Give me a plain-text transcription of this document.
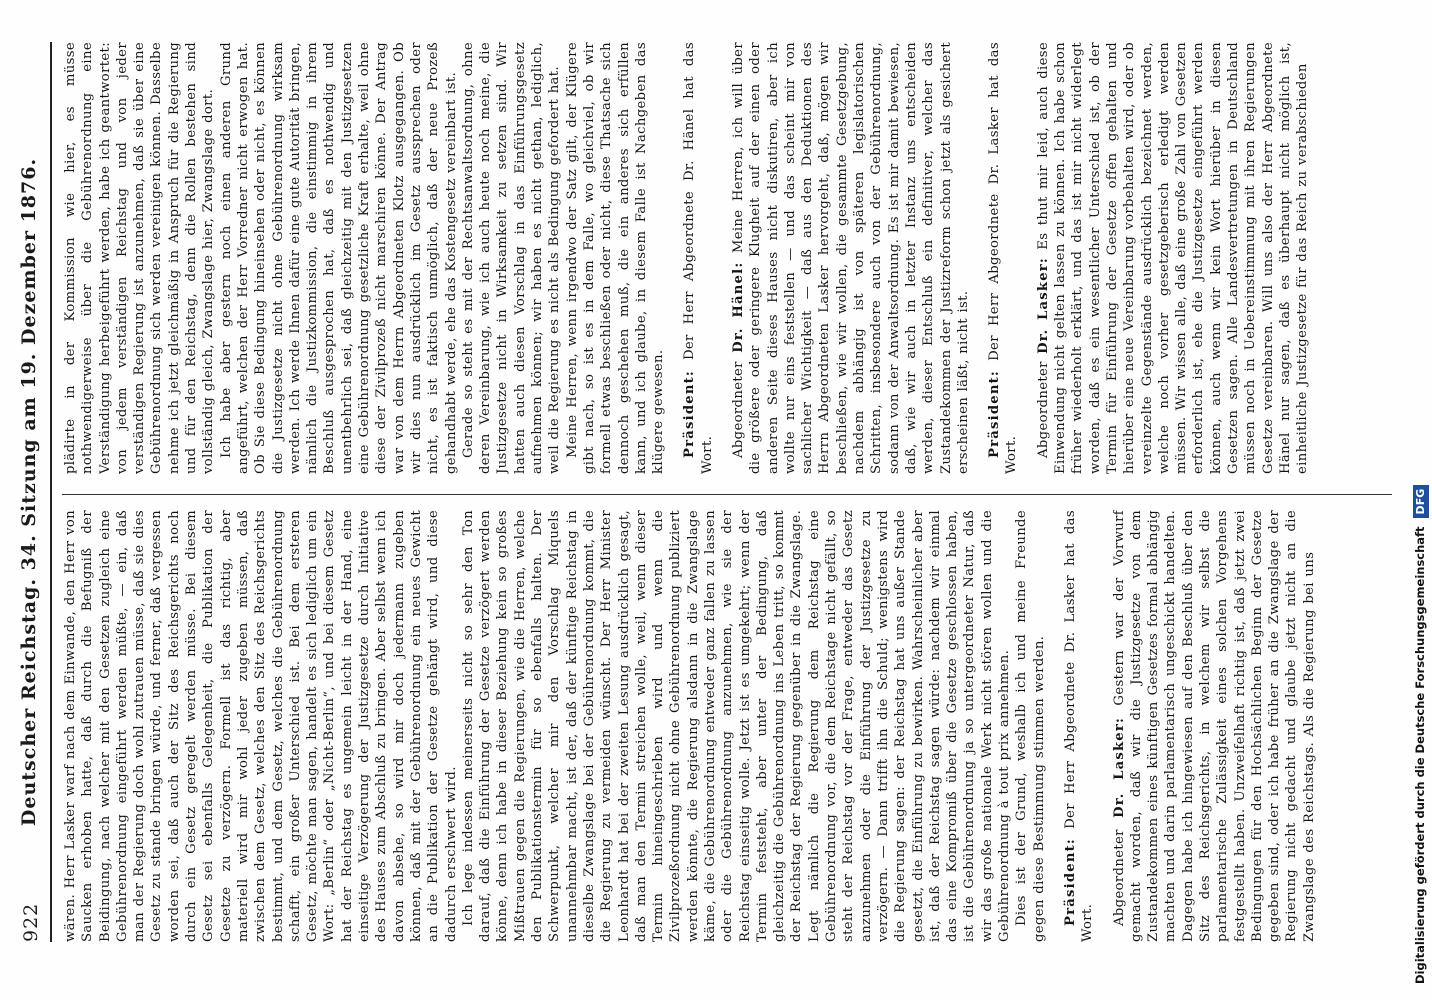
922
Deutscher Reichstag. 34. Sitzung am 19. Dezember 1876. wären. Herr Lasker warf nach dem Einwande, den Herr von Saucken erhoben hatte, daß durch die Befugniß der Beidingung, nach welcher mit den Gesetzen zugleich eine Gebührenordnung eingeführt werden müßte, — ein, daß man der Regierung doch wohl zutrauen müsse, daß sie dies Gesetz zu stande bringen würde, und ferner, daß vergessen worden sei, daß auch der Sitz des Reichsgerichts noch durch ein Gesetz geregelt werden müsse. Bei diesem Gesetz sei ebenfalls Gelegenheit, die Publikation der Gesetze zu verzögern. Formell ist das richtig, aber materiell wird mir wohl jeder zugeben müssen, daß zwischen dem Gesetz, welches den Sitz des Reichsgerichts bestimmt, und dem Gesetz, welches die Gebührenordnung schafft, ein großer Unterschied ist. Bei dem ersteren Gesetz, möchte man sagen, handelt es sich lediglich um ein Wort: „Berlin“ oder „Nicht-Berlin“, und bei diesem Gesetz hat der Reichstag es ungemein leicht in der Hand, eine einseitige Verzögerung der Justizgesetze durch Initiative des Hauses zum Abschluß zu bringen. Aber selbst wenn ich davon absehe, so wird mir doch jedermann zugeben können, daß mit der Gebührenordnung ein neues Gewicht an die Publikation der Gesetze gehängt wird, und diese dadurch erschwert wird. Ich lege indessen meinerseits nicht so sehr den Ton darauf, daß die Einführung der Gesetze verzögert werden könne, denn ich habe in dieser Beziehung kein so großes Mißtrauen gegen die Regierungen, wie die Herren, welche den Publikationstermin für so ebenfalls halten. Der Schwerpunkt, welcher mir den Vorschlag Miquels unannehmbar macht, ist der, daß der künftige Reichstag in dieselbe Zwangslage bei der Gebührenordnung kommt, die die Regierung zu vermeiden wünscht. Der Herr Minister Leonhardt hat bei der zweiten Lesung ausdrücklich gesagt, daß man den Termin streichen wolle, weil, wenn dieser Termin hineingeschrieben wird und wenn die Zivilprozeßordnung nicht ohne Gebührenordnung publiziert werden könnte, die Regierung alsdann in die Zwangslage käme, die Gebührenordnung entweder ganz fallen zu lassen oder die Gebührenordnung anzunehmen, wie sie der Reichstag einseitig wolle. Jetzt ist es umgekehrt; wenn der Termin feststeht, aber unter der Bedingung, daß gleichzeitig die Gebührenordnung ins Leben tritt, so kommt der Reichstag der Regierung gegenüber in die Zwangslage. Legt nämlich die Regierung dem Reichstag eine Gebührenordnung vor, die dem Reichstage nicht gefällt, so steht der Reichstag vor der Frage, entweder das Gesetz anzunehmen oder die Einführung der Justizgesetze zu verzögern. — Dann trifft ihn die Schuld; wenigstens wird die Regierung sagen: der Reichstag hat uns außer Stande gesetzt, die Einführung zu bewirken. Wahrscheinlicher aber ist, daß der Reichstag sagen würde: nachdem wir einmal das eine Kompromiß über die Gesetze geschlossen haben, ist die Gebührenordnung ja so untergeordneter Natur, daß wir das große nationale Werk nicht stören wollen und die Gebührenordnung à tout prix annehmen. Dies ist der Grund, weshalb ich und meine Freunde gegen diese Bestimmung stimmen werden. Präsident: Der Herr Abgeordnete Dr. Lasker hat das Wort. Abgeordneter Dr. Lasker: Gestern war der Vorwurf gemacht worden, daß wir die Justizgesetze von dem Zustandekommen eines künftigen Gesetzes formal abhängig machten und darin parlamentarisch ungeschickt handelten. Dagegen habe ich hingewiesen auf den Beschluß über den Sitz des Reichsgerichts, in welchem wir selbst die parlamentarische Zulässigkeit eines solchen Vorgehens festgestellt haben. Unzweifelhaft richtig ist, daß jetzt zwei Bedingungen für den Hochsächlichen Beginn der Gesetze gegeben sind, oder ich habe früher an die Zwangslage der Regierung nicht gedacht und glaube jetzt nicht an die Zwangslage des Reichstags. Als die Regierung bei uns

plädirte in der Kommission wie hier, es müsse nothwendigerweise über die Gebührenordnung eine Verständigung herbeigeführt werden, habe ich geantwortet: von jedem verständigen Reichstag und von jeder verständigen Regierung ist anzunehmen, daß sie über eine Gebührenordnung sich werden vereinigen können. Dasselbe nehme ich jetzt gleichmäßig in Anspruch für die Regierung und für den Reichstag, denn die Rollen bestehen sind vollständig gleich, Zwangslage hier, Zwangslage dort. Ich habe aber gestern noch einen anderen Grund angeführt, welchen der Herr Vorredner nicht erwogen hat. Ob Sie diese Bedingung hineinsehen oder nicht, es können die Justizgesetze nicht ohne Gebührenordnung wirksam werden. Ich werde Ihnen dafür eine gute Autorität bringen, nämlich die Justizkommission, die einstimmig in ihrem Beschluß ausgesprochen hat, daß es nothwendig und unentbehrlich sei, daß gleichzeitig mit den Justizgesetzen eine Gebührenordnung gesetzliche Kraft erhalte, weil ohne diese der Zivilprozeß nicht marschiren könne. Der Antrag war von dem Herrn Abgeordneten Klotz ausgegangen. Ob wir dies nun ausdrücklich im Gesetz aussprechen oder nicht, es ist faktisch unmöglich, daß der neue Prozeß gehandhabt werde, ehe das Kostengesetz vereinbart ist. Gerade so steht es mit der Rechtsanwaltsordnung, ohne deren Vereinbarung, wie ich auch heute noch meine, die Justizgesetze nicht in Wirksamkeit zu setzen sind. Wir hatten auch diesen Vorschlag in das Einführungsgesetz aufnehmen können; wir haben es nicht gethan, lediglich, weil die Regierung es nicht als Bedingung gefordert hat. Meine Herren, wenn irgendwo der Satz gilt, der Klügere gibt nach, so ist es in dem Falle, wo gleichviel, ob wir formell etwas beschließen oder nicht, diese Thatsache sich dennoch geschehen muß, die ein anderes sich erfüllen kann, und ich glaube, in diesem Falle ist Nachgeben das klügere gewesen. Präsident: Der Herr Abgeordnete Dr. Hänel hat das Wort. Abgeordneter Dr. Hänel: Meine Herren, ich will über die größere oder geringere Klugheit auf der einen oder anderen Seite dieses Hauses nicht diskutiren, aber ich wollte nur eins feststellen — und das scheint mir von sachlicher Wichtigkeit — daß aus den Deduktionen des Herrn Abgeordneten Lasker hervorgeht, daß, mögen wir beschließen, wie wir wollen, die gesammte Gesetzgebung, nachdem abhängig ist von späteren legislatorischen Schritten, insbesondere auch von der Gebührenordnung, sodann von der Anwaltsordnung. Es ist mir damit bewiesen, daß, wie wir auch in letzter Instanz uns entscheiden werden, dieser Entschluß ein definitiver, welcher das Zustandekommen der Justizreform schon jetzt als gesichert erscheinen läßt, nicht ist. Präsident: Der Herr Abgeordnete Dr. Lasker hat das Wort. Abgeordneter Dr. Lasker: Es thut mir leid, auch diese Einwendung nicht gelten lassen zu können. Ich habe schon früher wiederholt erklärt, und das ist mir nicht widerlegt worden, daß es ein wesentlicher Unterschied ist, ob der Termin für Einführung der Gesetze offen gehalten und hierüber eine neue Vereinbarung vorbehalten wird, oder ob vereinzelte Gegenstände ausdrücklich bezeichnet werden, welche noch vorher gesetzgeberisch erledigt werden müssen. Wir wissen alle, daß eine große Zahl von Gesetzen erforderlich ist, ehe die Justizgesetze eingeführt werden können, auch wenn wir kein Wort hierüber in diesen Gesetzen sagen. Alle Landesvertretungen in Deutschland müssen noch in Uebereinstimmung mit ihren Regierungen Gesetze vereinbaren. Will uns also der Herr Abgeordnete Hänel nur sagen, daß es überhaupt nicht möglich ist, einheitliche Justizgesetze für das Reich zu verabschieden

Digitalisierung gefördert durch die Deutsche ForschungsgemeinschaftDFG
